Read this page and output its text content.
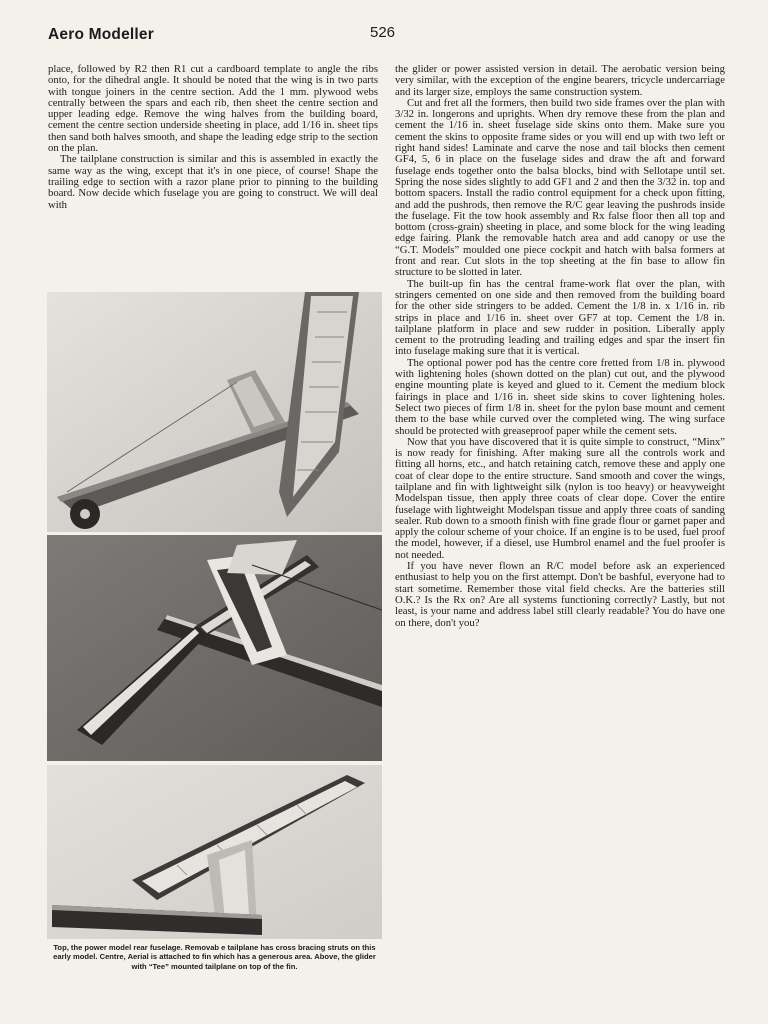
Aero Modeller	526

place, followed by R2 then R1 cut a cardboard template to angle the ribs onto, for the dihedral angle. It should be noted that the wing is in two parts with tongue joiners in the centre section. Add the 1 mm. plywood webs centrally between the spars and each rib, then sheet the centre section and upper leading edge. Remove the wing halves from the building board, cement the centre section underside sheeting in place, add 1/16 in. sheet tips then sand both halves smooth, and shape the leading edge strip to the section on the plan.

The tailplane construction is similar and this is assembled in exactly the same way as the wing, except that it's in one piece, of course! Shape the trailing edge to section with a razor plane prior to pinning to the building board. Now decide which fuselage you are going to construct. We will deal with

the glider or power assisted version in detail. The aerobatic version being very similar, with the exception of the engine bearers, tricycle undercarriage and its larger size, employs the same construction system.

Cut and fret all the formers, then build two side frames over the plan with 3/32 in. longerons and uprights. When dry remove these from the plan and cement the 1/16 in. sheet fuselage side skins onto them. Make sure you cement the skins to opposite frame sides or you will end up with two left or right hand sides! Laminate and carve the nose and tail blocks then cement GF4, 5, 6 in place on the fuselage sides and draw the aft and forward fuselage ends together onto the balsa blocks, bind with Sellotape until set. Spring the nose sides slightly to add GF1 and 2 and then the 3/32 in. top and bottom spacers. Install the radio control equipment for a check upon fitting, and add the pushrods, then remove the R/C gear leaving the pushrods inside the fuselage. Fit the tow hook assembly and Rx false floor then all top and bottom (cross-grain) sheeting in place, and some block for the wing leading edge fairing. Plank the removable hatch area and add canopy or use the “G.T. Models” moulded one piece cockpit and hatch with balsa formers at front and rear. Cut slots in the top sheeting at the fin base to allow fin structure to be slotted in later.

The built-up fin has the central frame-work flat over the plan, with stringers cemented on one side and then removed from the building board for the other side stringers to be added. Cement the 1/8 in. x 1/16 in. rib strips in place and 1/16 in. sheet over GF7 at top. Cement the 1/8 in. tailplane platform in place and sew rudder in position. Liberally apply cement to the protruding leading and trailing edges and spar the insert fin into fuselage making sure that it is vertical.

The optional power pod has the centre core fretted from 1/8 in. plywood with lightening holes (shown dotted on the plan) cut out, and the plywood engine mounting plate is keyed and glued to it. Cement the medium block fairings in place and 1/16 in. sheet side skins to cover lightening holes. Select two pieces of firm 1/8 in. sheet for the pylon base mount and cement them to the base while curved over the completed wing. The wing surface should be protected with greaseproof paper while the cement sets.

Now that you have discovered that it is quite simple to construct, “Minx” is now ready for finishing. After making sure all the controls work and fitting all horns, etc., and hatch retaining catch, remove these and apply one coat of clear dope to the entire structure. Sand smooth and cover the wings, tailplane and fin with lightweight silk (nylon is too heavy) or heavyweight Modelspan tissue, then apply three coats of clear dope. Cover the entire fuselage with lightweight Modelspan tissue and apply three coats of sanding sealer. Rub down to a smooth finish with fine grade flour or garnet paper and apply the colour scheme of your choice. If an engine is to be used, fuel proof the model, however, if a diesel, use Humbrol enamel and the fuel proofer is not needed.

If you have never flown an R/C model before ask an experienced enthusiast to help you on the first attempt. Don't be bashful, everyone had to start sometime. Remember those vital field checks. Are the batteries still O.K.? Is the Rx on? Are all systems functioning correctly? Lastly, but not least, is your name and address label still clearly readable? You do have one on there, don't you?

Top, the power model rear fuselage. Removab e tailplane has cross bracing struts on this early model. Centre, Aerial is attached to fin which has a generous area. Above, the glider with “Tee” mounted tailplane on top of the fin.
